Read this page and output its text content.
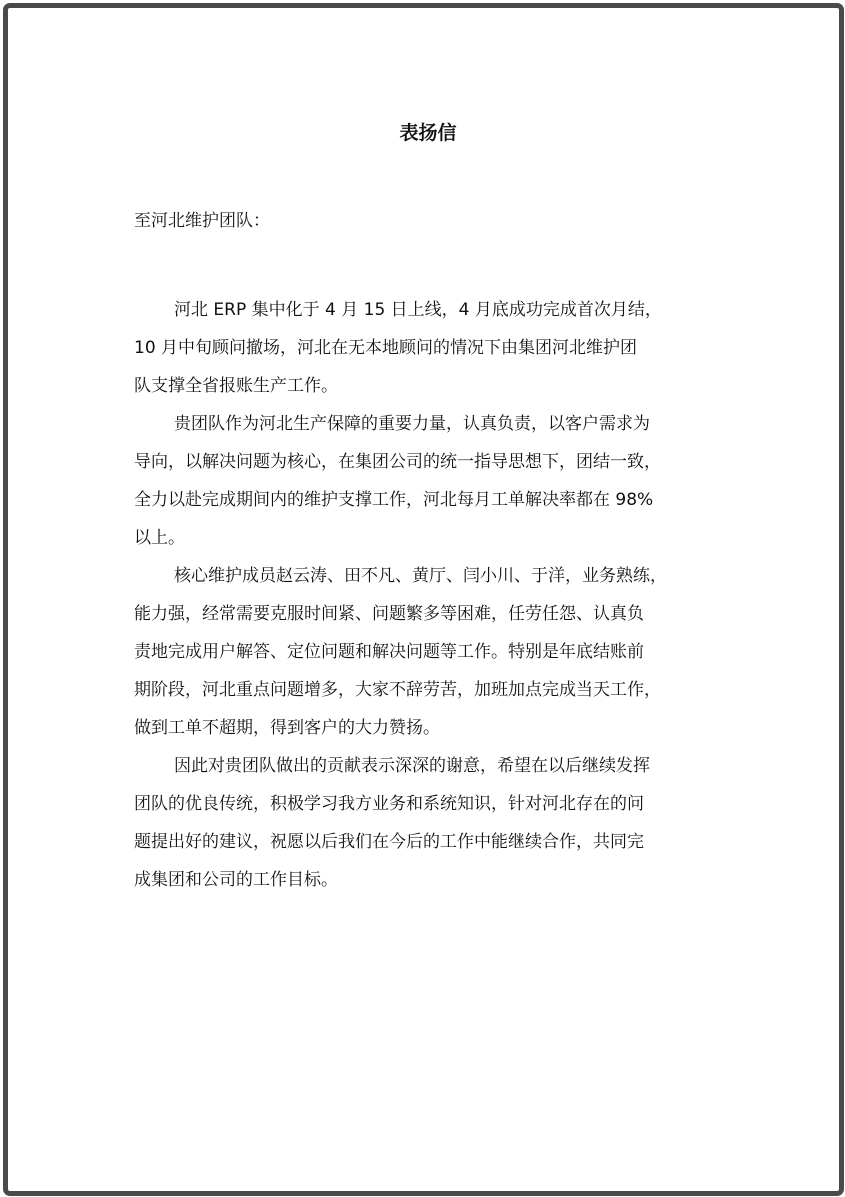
表扬信
至河北维护团队：

河北 ERP 集中化于 4 月 15 日上线，4 月底成功完成首次月结，
10 月中旬顾问撤场，河北在无本地顾问的情况下由集团河北维护团
队支撑全省报账生产工作。

贵团队作为河北生产保障的重要力量，认真负责，以客户需求为
导向，以解决问题为核心，在集团公司的统一指导思想下，团结一致，
全力以赴完成期间内的维护支撑工作，河北每月工单解决率都在 98%
以上。

核心维护成员赵云涛、田不凡、黄厅、闫小川、于洋，业务熟练，
能力强，经常需要克服时间紧、问题繁多等困难，任劳任怨、认真负
责地完成用户解答、定位问题和解决问题等工作。特别是年底结账前
期阶段，河北重点问题增多，大家不辞劳苦，加班加点完成当天工作，
做到工单不超期，得到客户的大力赞扬。

因此对贵团队做出的贡献表示深深的谢意，希望在以后继续发挥
团队的优良传统，积极学习我方业务和系统知识，针对河北存在的问
题提出好的建议，祝愿以后我们在今后的工作中能继续合作，共同完
成集团和公司的工作目标。
